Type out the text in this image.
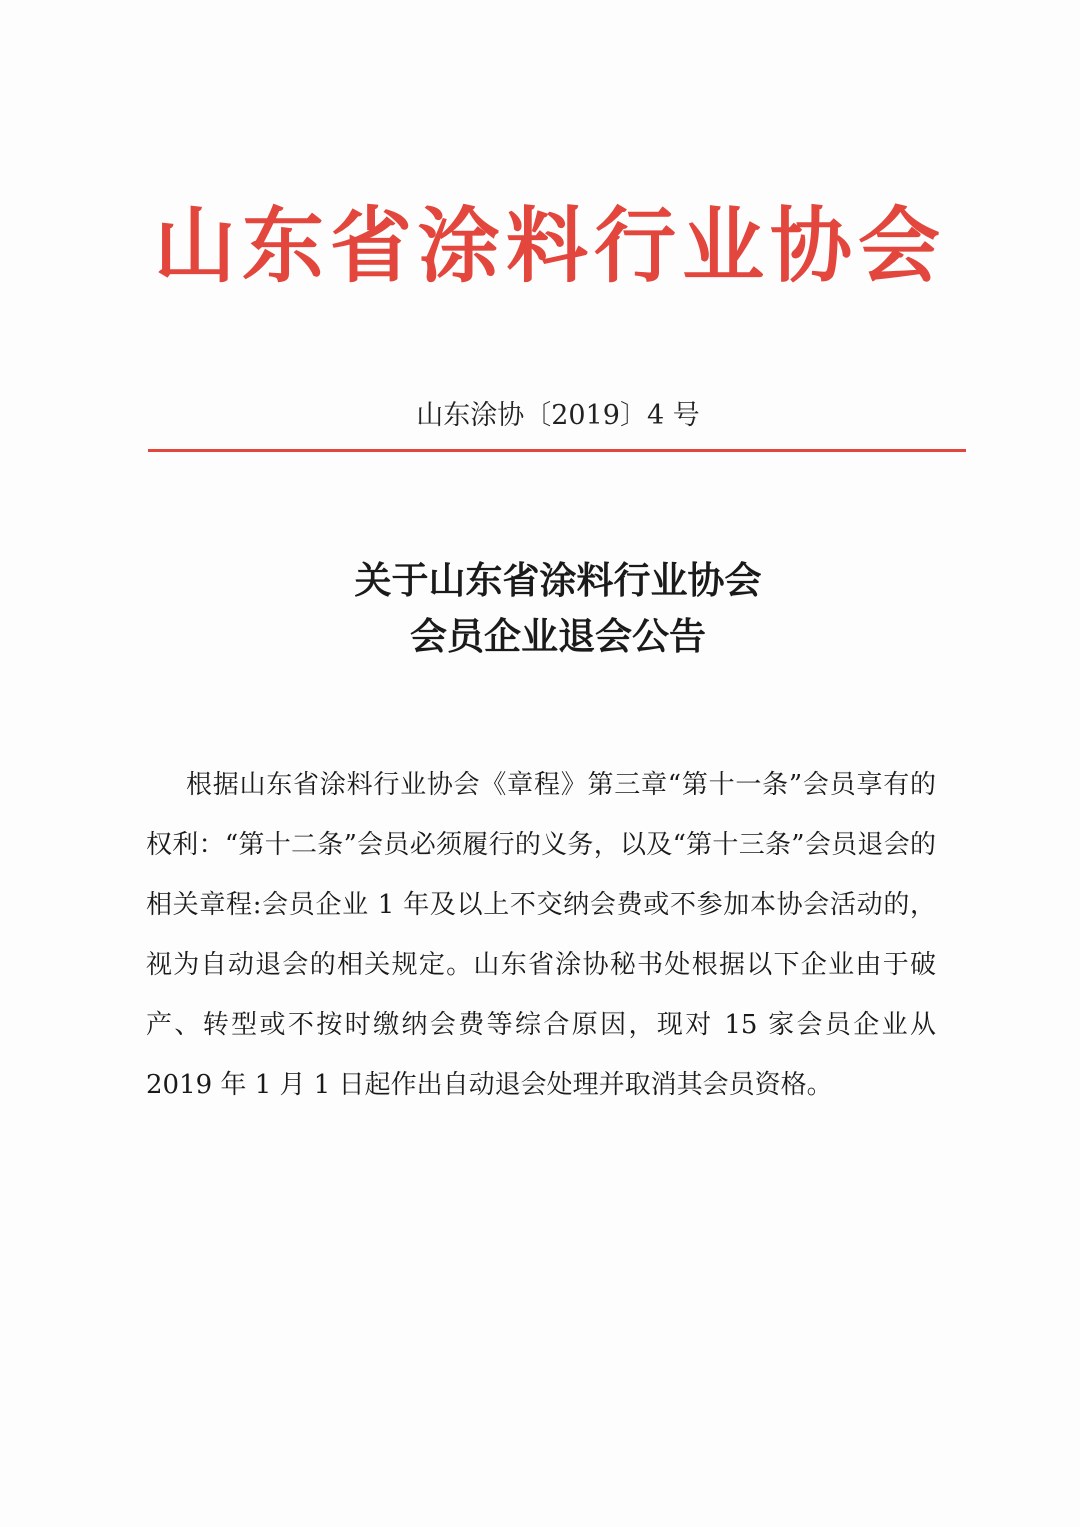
山东省涂料行业协会
山东涂协〔2019〕4 号
关于山东省涂料行业协会
会员企业退会公告

根据山东省涂料行业协会《章程》第三章“第十一条”会员享有的权利：“第十二条”会员必须履行的义务，以及“第十三条”会员退会的相关章程:会员企业 1 年及以上不交纳会费或不参加本协会活动的，视为自动退会的相关规定。山东省涂协秘书处根据以下企业由于破产、转型或不按时缴纳会费等综合原因，现对 15 家会员企业从 2019 年 1 月 1 日起作出自动退会处理并取消其会员资格。
